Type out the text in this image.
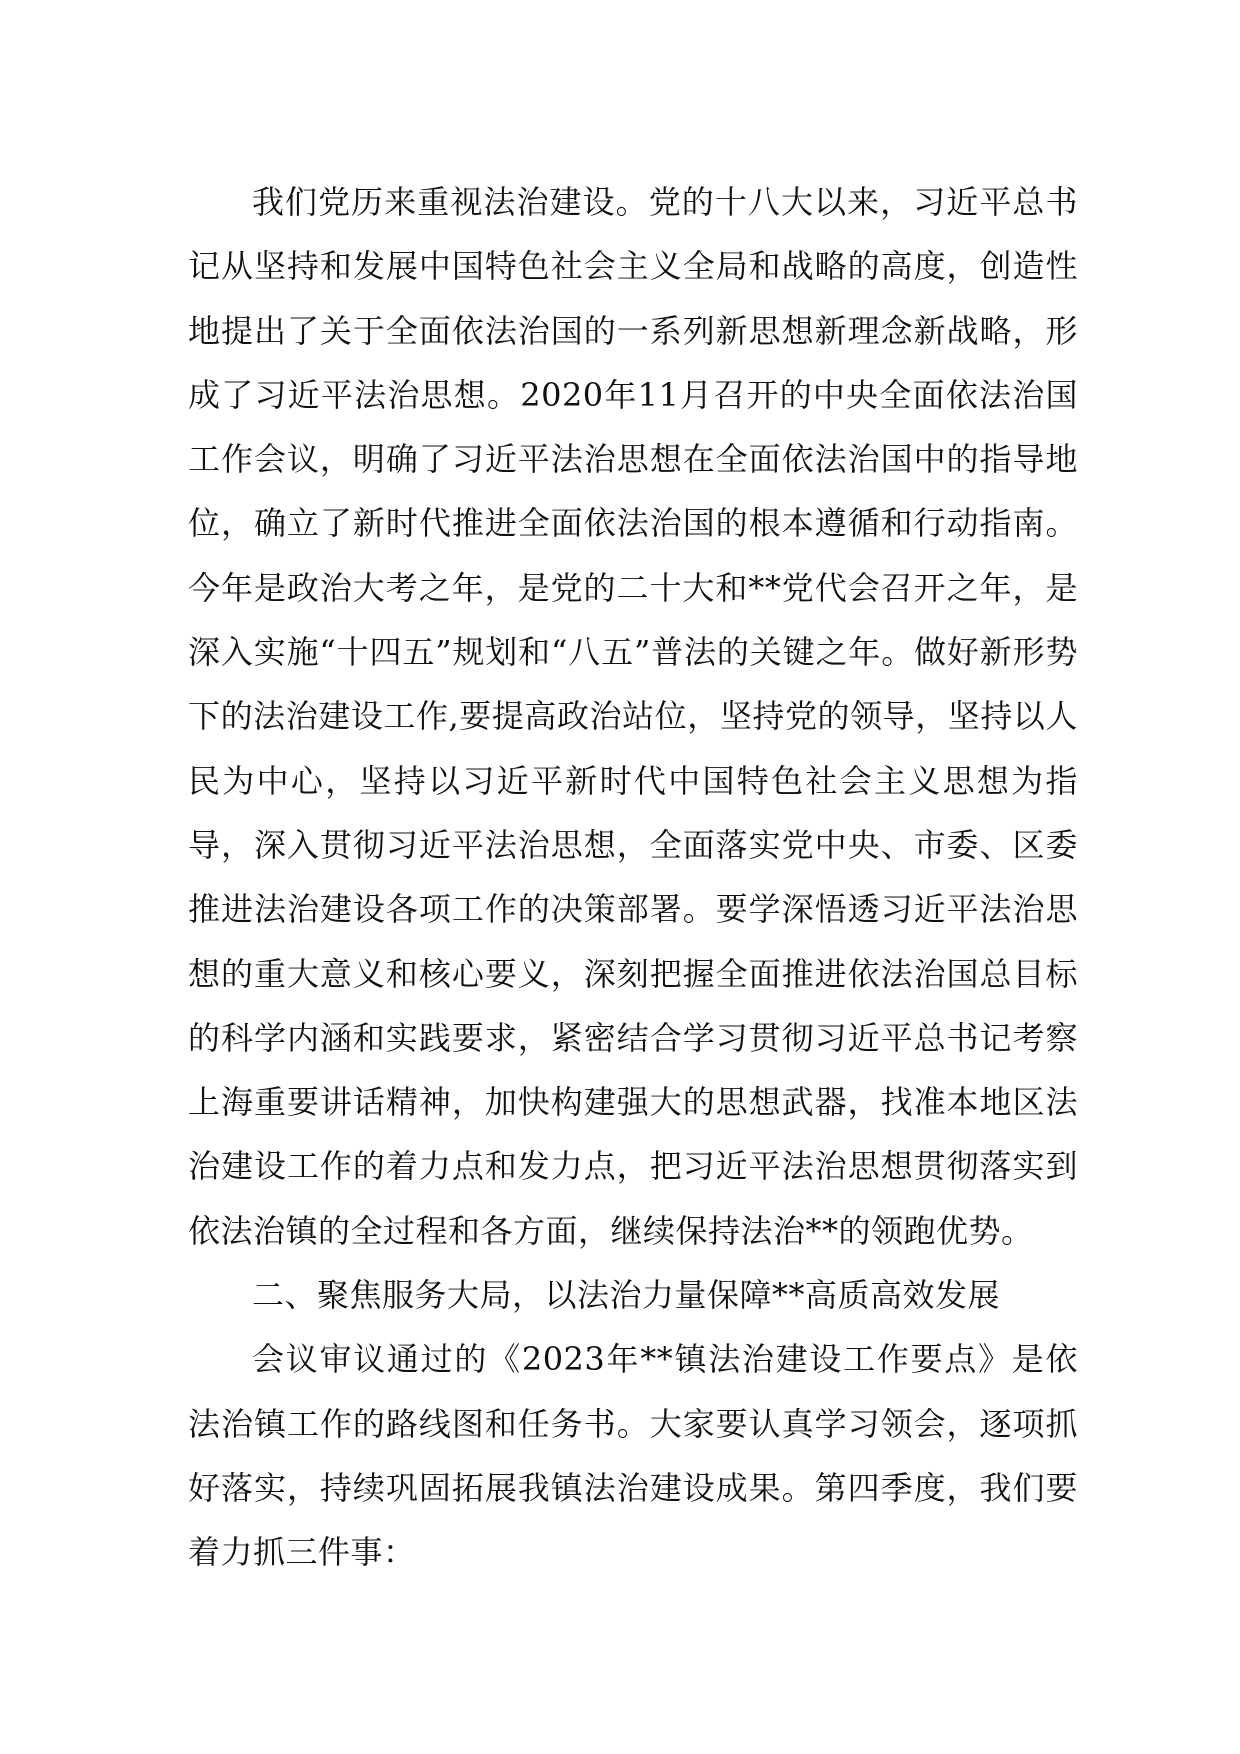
我们党历来重视法治建设。党的十八大以来，习近平总书记从坚持和发展中国特色社会主义全局和战略的高度，创造性地提出了关于全面依法治国的一系列新思想新理念新战略，形成了习近平法治思想。2020年11月召开的中央全面依法治国工作会议，明确了习近平法治思想在全面依法治国中的指导地位，确立了新时代推进全面依法治国的根本遵循和行动指南。今年是政治大考之年，是党的二十大和**党代会召开之年，是深入实施“十四五”规划和“八五”普法的关键之年。做好新形势下的法治建设工作,要提高政治站位，坚持党的领导，坚持以人民为中心，坚持以习近平新时代中国特色社会主义思想为指导，深入贯彻习近平法治思想，全面落实党中央、市委、区委推进法治建设各项工作的决策部署。要学深悟透习近平法治思想的重大意义和核心要义，深刻把握全面推进依法治国总目标的科学内涵和实践要求，紧密结合学习贯彻习近平总书记考察上海重要讲话精神，加快构建强大的思想武器，找准本地区法治建设工作的着力点和发力点，把习近平法治思想贯彻落实到依法治镇的全过程和各方面，继续保持法治**的领跑优势。

二、聚焦服务大局，以法治力量保障**高质高效发展

会议审议通过的《2023年**镇法治建设工作要点》是依法治镇工作的路线图和任务书。大家要认真学习领会，逐项抓好落实，持续巩固拓展我镇法治建设成果。第四季度，我们要着力抓三件事：
